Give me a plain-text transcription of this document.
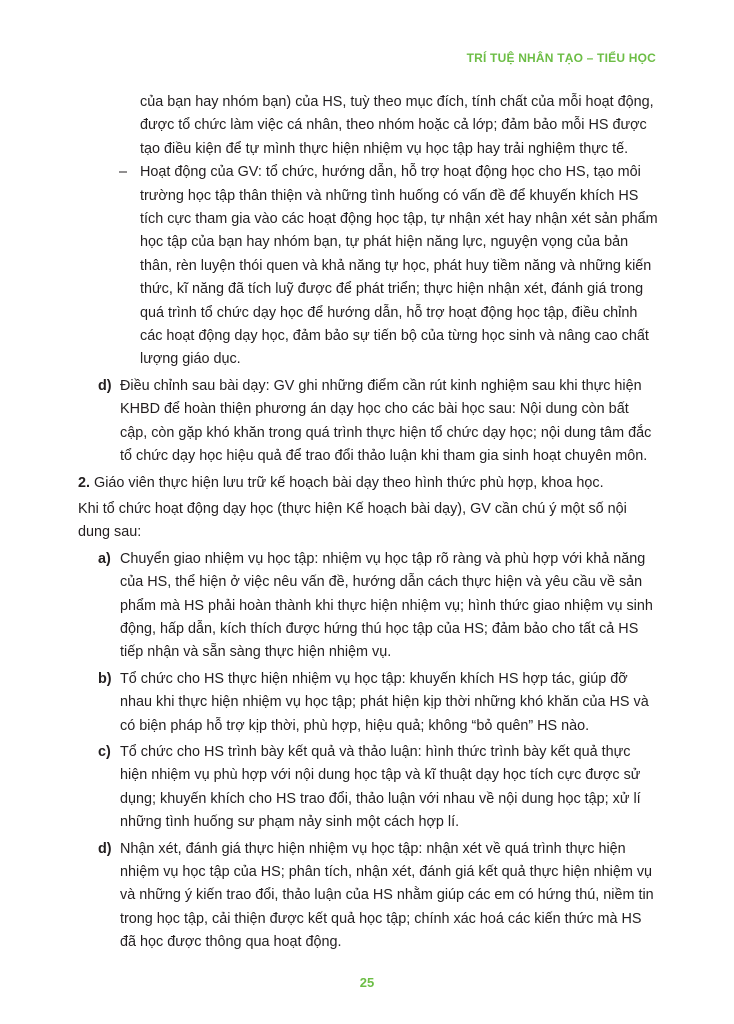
TRÍ TUỆ NHÂN TẠO – TIỂU HỌC
của bạn hay nhóm bạn) của HS, tuỳ theo mục đích, tính chất của mỗi hoạt động, được tổ chức làm việc cá nhân, theo nhóm hoặc cả lớp; đảm bảo mỗi HS được tạo điều kiện để tự mình thực hiện nhiệm vụ học tập hay trải nghiệm thực tế.
– Hoạt động của GV: tổ chức, hướng dẫn, hỗ trợ hoạt động học cho HS, tạo môi trường học tập thân thiện và những tình huống có vấn đề để khuyến khích HS tích cực tham gia vào các hoạt động học tập, tự nhận xét hay nhận xét sản phẩm học tập của bạn hay nhóm bạn, tự phát hiện năng lực, nguyện vọng của bản thân, rèn luyện thói quen và khả năng tự học, phát huy tiềm năng và những kiến thức, kĩ năng đã tích luỹ được để phát triển; thực hiện nhận xét, đánh giá trong quá trình tổ chức dạy học để hướng dẫn, hỗ trợ hoạt động học tập, điều chỉnh các hoạt động dạy học, đảm bảo sự tiến bộ của từng học sinh và nâng cao chất lượng giáo dục.
d) Điều chỉnh sau bài dạy: GV ghi những điểm cần rút kinh nghiệm sau khi thực hiện KHBD để hoàn thiện phương án dạy học cho các bài học sau: Nội dung còn bất cập, còn gặp khó khăn trong quá trình thực hiện tổ chức dạy học; nội dung tâm đắc tổ chức dạy học hiệu quả để trao đổi thảo luận khi tham gia sinh hoạt chuyên môn.
2. Giáo viên thực hiện lưu trữ kế hoạch bài dạy theo hình thức phù hợp, khoa học.
Khi tổ chức hoạt động dạy học (thực hiện Kế hoạch bài dạy), GV cần chú ý một số nội dung sau:
a) Chuyển giao nhiệm vụ học tập: nhiệm vụ học tập rõ ràng và phù hợp với khả năng của HS, thể hiện ở việc nêu vấn đề, hướng dẫn cách thực hiện và yêu cầu về sản phẩm mà HS phải hoàn thành khi thực hiện nhiệm vụ; hình thức giao nhiệm vụ sinh động, hấp dẫn, kích thích được hứng thú học tập của HS; đảm bảo cho tất cả HS tiếp nhận và sẵn sàng thực hiện nhiệm vụ.
b) Tổ chức cho HS thực hiện nhiệm vụ học tập: khuyến khích HS hợp tác, giúp đỡ nhau khi thực hiện nhiệm vụ học tập; phát hiện kịp thời những khó khăn của HS và có biện pháp hỗ trợ kịp thời, phù hợp, hiệu quả; không “bỏ quên” HS nào.
c) Tổ chức cho HS trình bày kết quả và thảo luận: hình thức trình bày kết quả thực hiện nhiệm vụ phù hợp với nội dung học tập và kĩ thuật dạy học tích cực được sử dụng; khuyến khích cho HS trao đổi, thảo luận với nhau về nội dung học tập; xử lí những tình huống sư phạm nảy sinh một cách hợp lí.
d) Nhận xét, đánh giá thực hiện nhiệm vụ học tập: nhận xét về quá trình thực hiện nhiệm vụ học tập của HS; phân tích, nhận xét, đánh giá kết quả thực hiện nhiệm vụ và những ý kiến trao đổi, thảo luận của HS nhằm giúp các em có hứng thú, niềm tin trong học tập, cải thiện được kết quả học tập; chính xác hoá các kiến thức mà HS đã học được thông qua hoạt động.
25
